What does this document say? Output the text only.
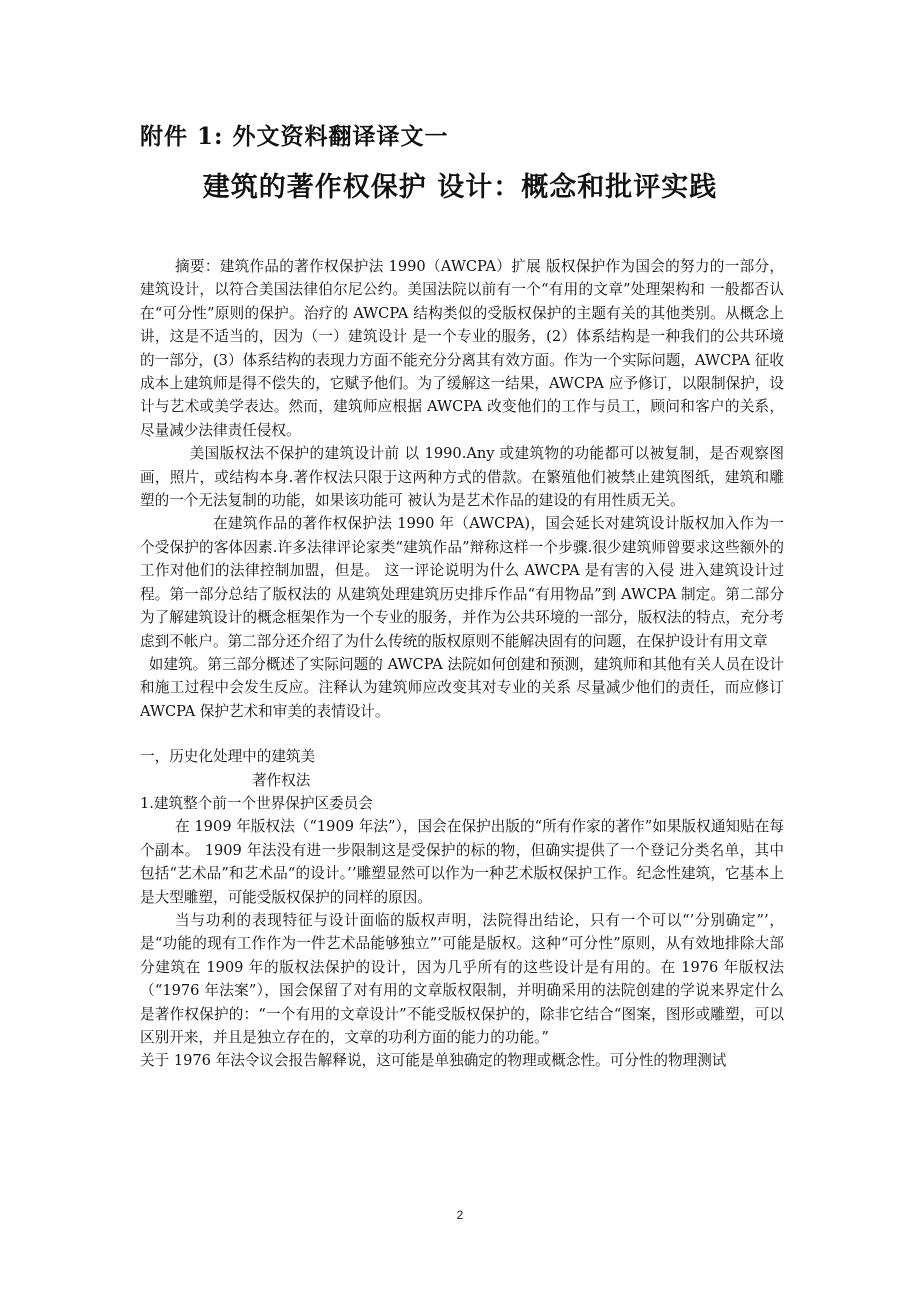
附件 1: 外文资料翻译译文一
建筑的著作权保护 设计：概念和批评实践

摘要：建筑作品的著作权保护法 1990（AWCPA）扩展 版权保护作为国会的努力的一部分，建筑设计，以符合美国法律伯尔尼公约。美国法院以前有一个“有用的文章”处理架构和 一般都否认在“可分性”原则的保护。治疗的 AWCPA 结构类似的受版权保护的主题有关的其他类别。从概念上讲，这是不适当的，因为（一）建筑设计 是一个专业的服务，(2）体系结构是一种我们的公共环境的一部分，(3）体系结构的表现力方面不能充分分离其有效方面。作为一个实际问题，AWCPA 征收成本上建筑师是得不偿失的，它赋予他们。为了缓解这一结果，AWCPA 应予修订，以限制保护，设计与艺术或美学表达。然而，建筑师应根据 AWCPA 改变他们的工作与员工，顾问和客户的关系，尽量减少法律责任侵权。

美国版权法不保护的建筑设计前 以 1990.Any 或建筑物的功能都可以被复制，是否观察图画，照片，或结构本身.著作权法只限于这两种方式的借款。在繁殖他们被禁止建筑图纸，建筑和雕塑的一个无法复制的功能，如果该功能可 被认为是艺术作品的建设的有用性质无关。

在建筑作品的著作权保护法 1990 年（AWCPA)，国会延长对建筑设计版权加入作为一个受保护的客体因素.许多法律评论家类“建筑作品”辩称这样一个步骤.很少建筑师曾要求这些额外的工作对他们的法律控制加盟，但是。 这一评论说明为什么 AWCPA 是有害的入侵 进入建筑设计过程。第一部分总结了版权法的 从建筑处理建筑历史排斥作品“有用物品”到 AWCPA 制定。第二部分为了解建筑设计的概念框架作为一个专业的服务，并作为公共环境的一部分，版权法的特点，充分考虑到不帐户。第二部分还介绍了为什么传统的版权原则不能解决固有的问题，在保护设计有用文章

如建筑。第三部分概述了实际问题的 AWCPA 法院如何创建和预测，建筑师和其他有关人员在设计和施工过程中会发生反应。注释认为建筑师应改变其对专业的关系 尽量减少他们的责任，而应修订 AWCPA 保护艺术和审美的表情设计。

一，历史化处理中的建筑美

著作权法

1.建筑整个前一个世界保护区委员会

在 1909 年版权法（“1909 年法”），国会在保护出版的“所有作家的著作”如果版权通知贴在每个副本。 1909 年法没有进一步限制这是受保护的标的物，但确实提供了一个登记分类名单，其中包括“艺术品”和艺术品“的设计。’’雕塑显然可以作为一种艺术版权保护工作。纪念性建筑，它基本上是大型雕塑，可能受版权保护的同样的原因。

当与功利的表现特征与设计面临的版权声明，法院得出结论，只有一个可以“’分别确定”’，是“功能的现有工作作为一件艺术品能够独立”’可能是版权。这种“可分性”原则，从有效地排除大部分建筑在 1909 年的版权法保护的设计，因为几乎所有的这些设计是有用的。在 1976 年版权法（“1976 年法案”），国会保留了对有用的文章版权限制，并明确采用的法院创建的学说来界定什么是著作权保护的：“一个有用的文章设计”不能受版权保护的，除非它结合“图案，图形或雕塑，可以区别开来，并且是独立存在的，文章的功利方面的能力的功能。”

关于 1976 年法令议会报告解释说，这可能是单独确定的物理或概念性。可分性的物理测试

2
